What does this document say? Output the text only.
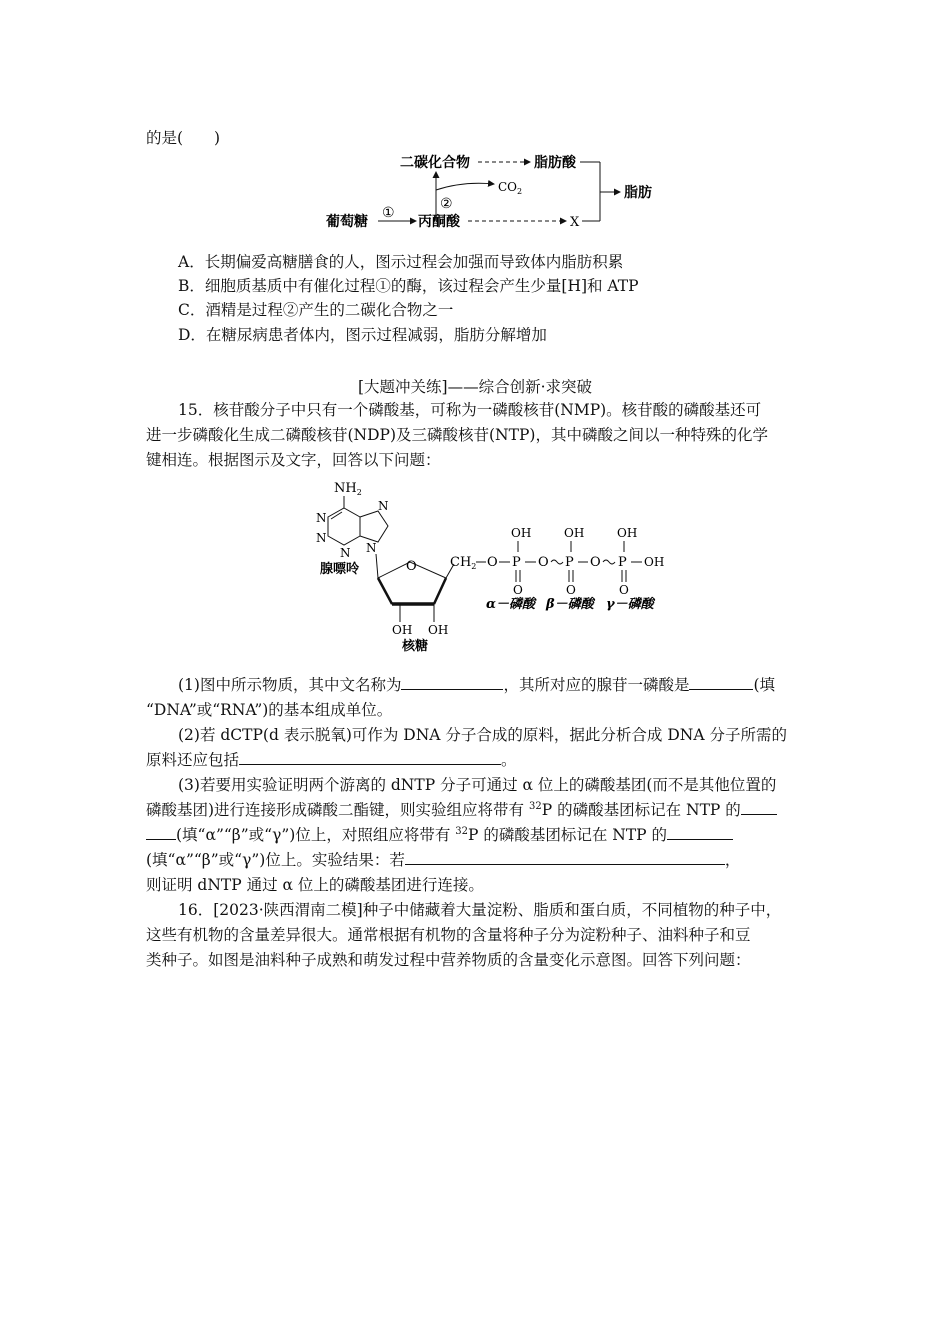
的是(　　)
二碳化合物	脂肪酸
$CO_2$
②
葡萄糖
①
丙酮酸	X
脂肪
A．长期偏爱高糖膳食的人，图示过程会加强而导致体内脂肪积累
B．细胞质基质中有催化过程①的酶，该过程会产生少量[H]和 ATP
C．酒精是过程②产生的二碳化合物之一
D．在糖尿病患者体内，图示过程减弱，脂肪分解增加
[大题冲关练]——综合创新·求突破
15．核苷酸分子中只有一个磷酸基，可称为一磷酸核苷(NMP)。核苷酸的磷酸基还可
进一步磷酸化生成二磷酸核苷(NDP)及三磷酸核苷(NTP)，其中磷酸之间以一种特殊的化学
键相连。根据图示及文字，回答以下问题：
$NH_2$
N
N
N
N
N
腺嘌呤	O
OH OH
核糖
$CH_2$ O
OH
P
O
O
OH
P
O
O
OH
P
O
OH
α－磷酸 β－磷酸 γ－磷酸
(1)图中所示物质，其中文名称为	，其所对应的腺苷一磷酸是	(填
“DNA”或“RNA”)的基本组成单位。
(2)若 dCTP(d 表示脱氧)可作为 DNA 分子合成的原料，据此分析合成 DNA 分子所需的
原料还应包括	。
(3)若要用实验证明两个游离的 dNTP 分子可通过 α 位上的磷酸基团(而不是其他位置的
磷酸基团)进行连接形成磷酸二酯键，则实验组应将带有 $^{32}$P 的磷酸基团标记在 NTP 的
(填“α”“β”或“γ”)位上，对照组应将带有 $^{32}$P 的磷酸基团标记在 NTP 的
(填“α”“β”或“γ”)位上。实验结果：若	，
则证明 dNTP 通过 α 位上的磷酸基团进行连接。
16．[2023·陕西渭南二模]种子中储藏着大量淀粉、脂质和蛋白质，不同植物的种子中，
这些有机物的含量差异很大。通常根据有机物的含量将种子分为淀粉种子、油料种子和豆
类种子。如图是油料种子成熟和萌发过程中营养物质的含量变化示意图。回答下列问题：
